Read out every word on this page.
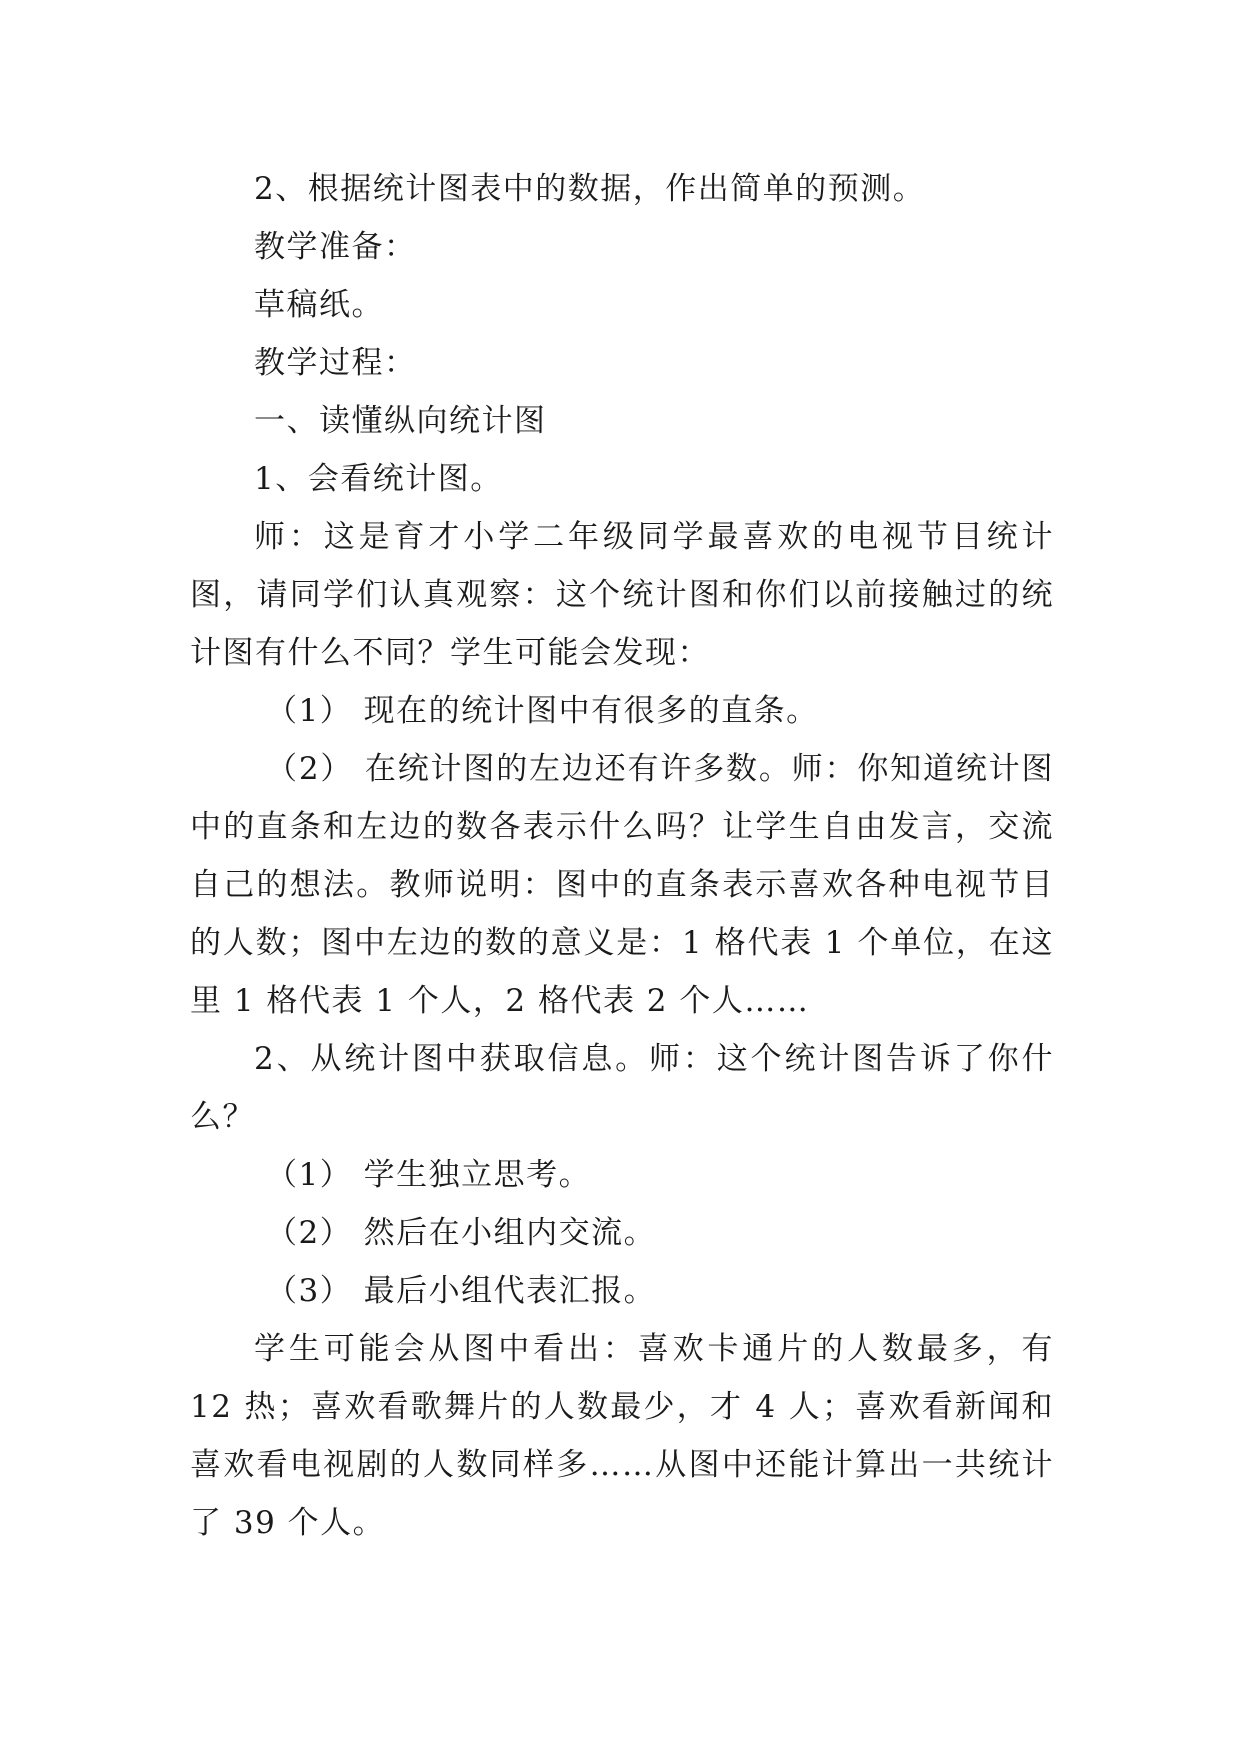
2、根据统计图表中的数据，作出简单的预测。

教学准备：

草稿纸。

教学过程：

一、读懂纵向统计图

1、会看统计图。

师：这是育才小学二年级同学最喜欢的电视节目统计图，请同学们认真观察：这个统计图和你们以前接触过的统计图有什么不同？学生可能会发现：

（1） 现在的统计图中有很多的直条。

（2） 在统计图的左边还有许多数。师：你知道统计图中的直条和左边的数各表示什么吗？让学生自由发言，交流自己的想法。教师说明：图中的直条表示喜欢各种电视节目的人数；图中左边的数的意义是：1 格代表 1 个单位，在这里 1 格代表 1 个人，2 格代表 2 个人……

2、从统计图中获取信息。师：这个统计图告诉了你什么？

（1） 学生独立思考。

（2） 然后在小组内交流。

（3） 最后小组代表汇报。

学生可能会从图中看出：喜欢卡通片的人数最多，有 12 热；喜欢看歌舞片的人数最少，才 4 人；喜欢看新闻和喜欢看电视剧的人数同样多……从图中还能计算出一共统计了 39 个人。
